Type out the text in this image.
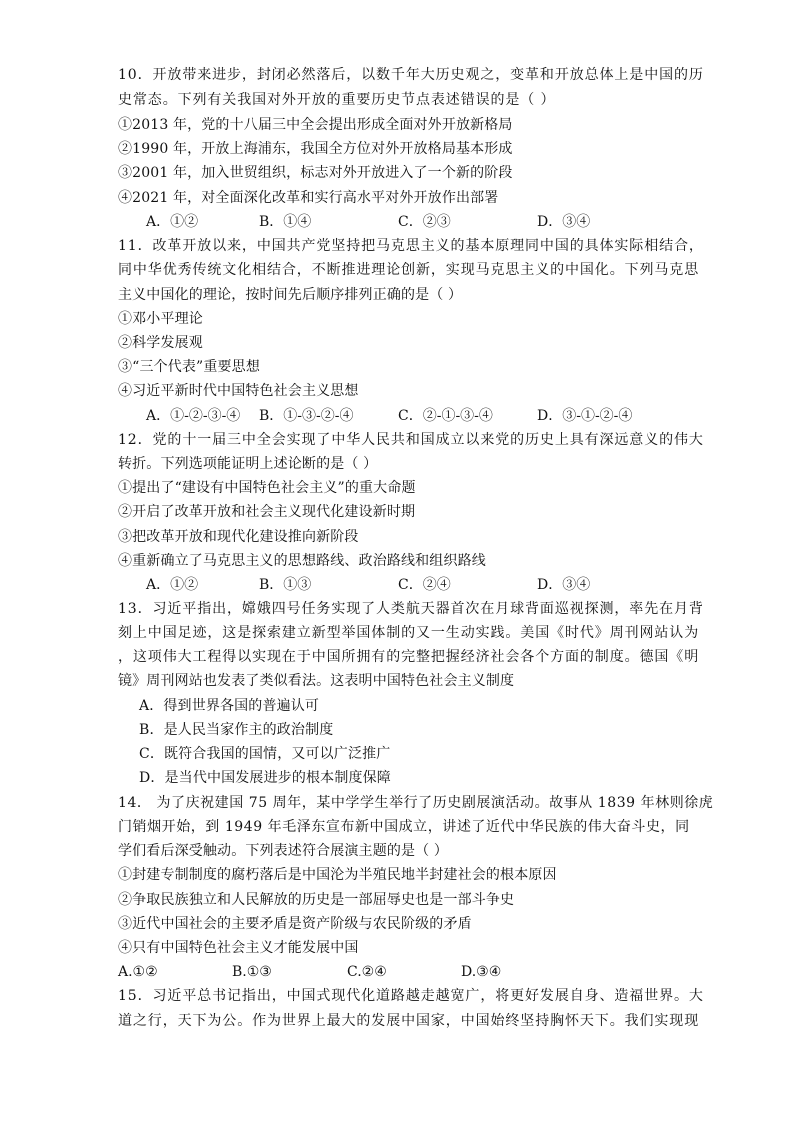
10．开放带来进步，封闭必然落后，以数千年大历史观之，变革和开放总体上是中国的历
史常态。下列有关我国对外开放的重要历史节点表述错误的是（ ）
①2013 年，党的十八届三中全会提出形成全面对外开放新格局
②1990 年，开放上海浦东，我国全方位对外开放格局基本形成
③2001 年，加入世贸组织，标志对外开放进入了一个新的阶段
④2021 年，对全面深化改革和实行高水平对外开放作出部署
A．①②	B．①④	C．②③	D．③④
11．改革开放以来，中国共产党坚持把马克思主义的基本原理同中国的具体实际相结合，
同中华优秀传统文化相结合，不断推进理论创新，实现马克思主义的中国化。下列马克思
主义中国化的理论，按时间先后顺序排列正确的是（ ）
①邓小平理论
②科学发展观
③“三个代表”重要思想
④习近平新时代中国特色社会主义思想
A．①-②-③-④ B．①-③-②-④	C．②-①-③-④	D．③-①-②-④
12．党的十一届三中全会实现了中华人民共和国成立以来党的历史上具有深远意义的伟大
转折。下列选项能证明上述论断的是（ ）
①提出了“建设有中国特色社会主义”的重大命题
②开启了改革开放和社会主义现代化建设新时期
③把改革开放和现代化建设推向新阶段
④重新确立了马克思主义的思想路线、政治路线和组织路线
A．①②	B．①③	C．②④	D．③④
13．习近平指出，嫦娥四号任务实现了人类航天器首次在月球背面巡视探测，率先在月背
刻上中国足迹，这是探索建立新型举国体制的又一生动实践。美国《时代》周刊网站认为
，这项伟大工程得以实现在于中国所拥有的完整把握经济社会各个方面的制度。德国《明
镜》周刊网站也发表了类似看法。这表明中国特色社会主义制度
A．得到世界各国的普遍认可
B．是人民当家作主的政治制度
C．既符合我国的国情，又可以广泛推广
D．是当代中国发展进步的根本制度保障
14． 为了庆祝建国 75 周年，某中学学生举行了历史剧展演活动。故事从 1839 年林则徐虎
门销烟开始，到 1949 年毛泽东宣布新中国成立，讲述了近代中华民族的伟大奋斗史，同
学们看后深受触动。下列表述符合展演主题的是（ ）
①封建专制制度的腐朽落后是中国沦为半殖民地半封建社会的根本原因
②争取民族独立和人民解放的历史是一部屈辱史也是一部斗争史
③近代中国社会的主要矛盾是资产阶级与农民阶级的矛盾
④只有中国特色社会主义才能发展中国
A.①②	B.①③	C.②④	D.③④
15．习近平总书记指出，中国式现代化道路越走越宽广，将更好发展自身、造福世界。大
道之行，天下为公。作为世界上最大的发展中国家，中国始终坚持胸怀天下。我们实现现
